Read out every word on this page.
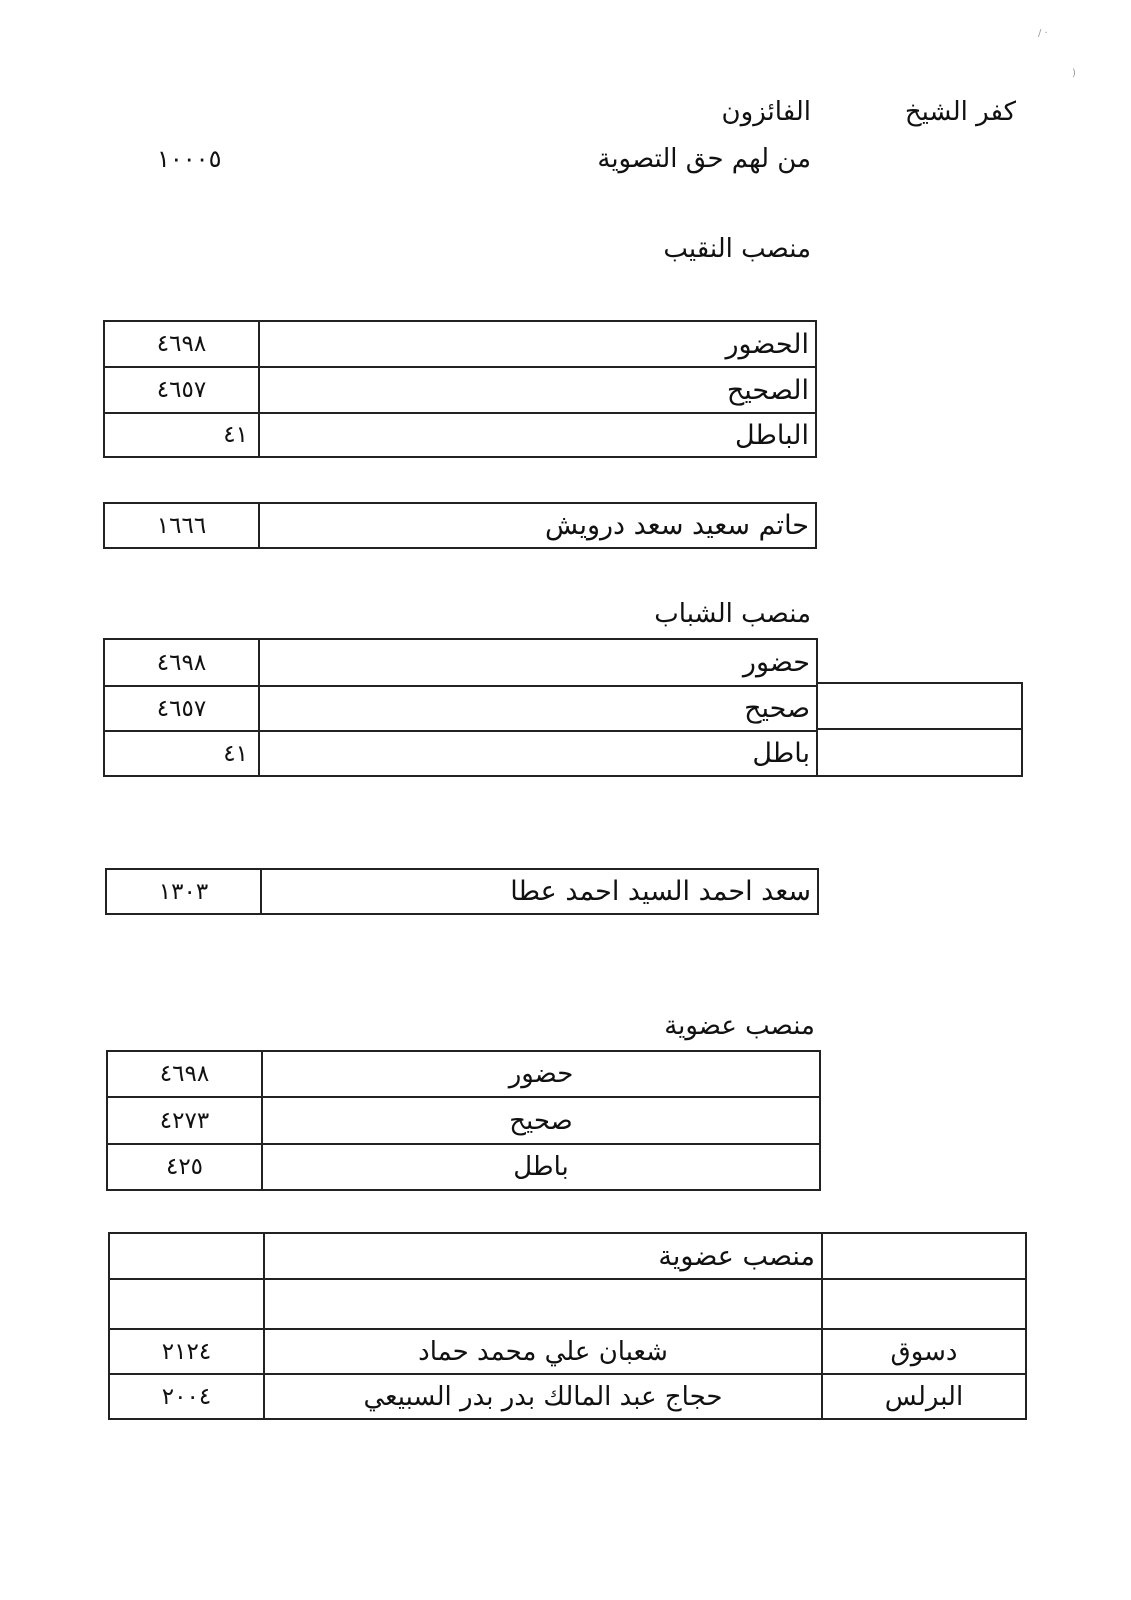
/ ·
)
كفر الشيخ
الفائزون
من لهم حق التصوية
١٠٠٠٥
منصب النقيب
٤٦٩٨	الحضور
٤٦٥٧	الصحيح
٤١	الباطل
١٦٦٦	حاتم سعيد سعد درويش
منصب الشباب
٤٦٩٨	حضور
٤٦٥٧	صحيح
٤١	باطل
١٣٠٣	سعد احمد السيد احمد عطا
منصب عضوية
٤٦٩٨	حضور
٤٢٧٣	صحيح
٤٢٥	باطل
منصب عضوية
٢١٢٤	شعبان علي محمد حماد	دسوق
٢٠٠٤	حجاج عبد المالك بدر بدر السبيعي	البرلس
